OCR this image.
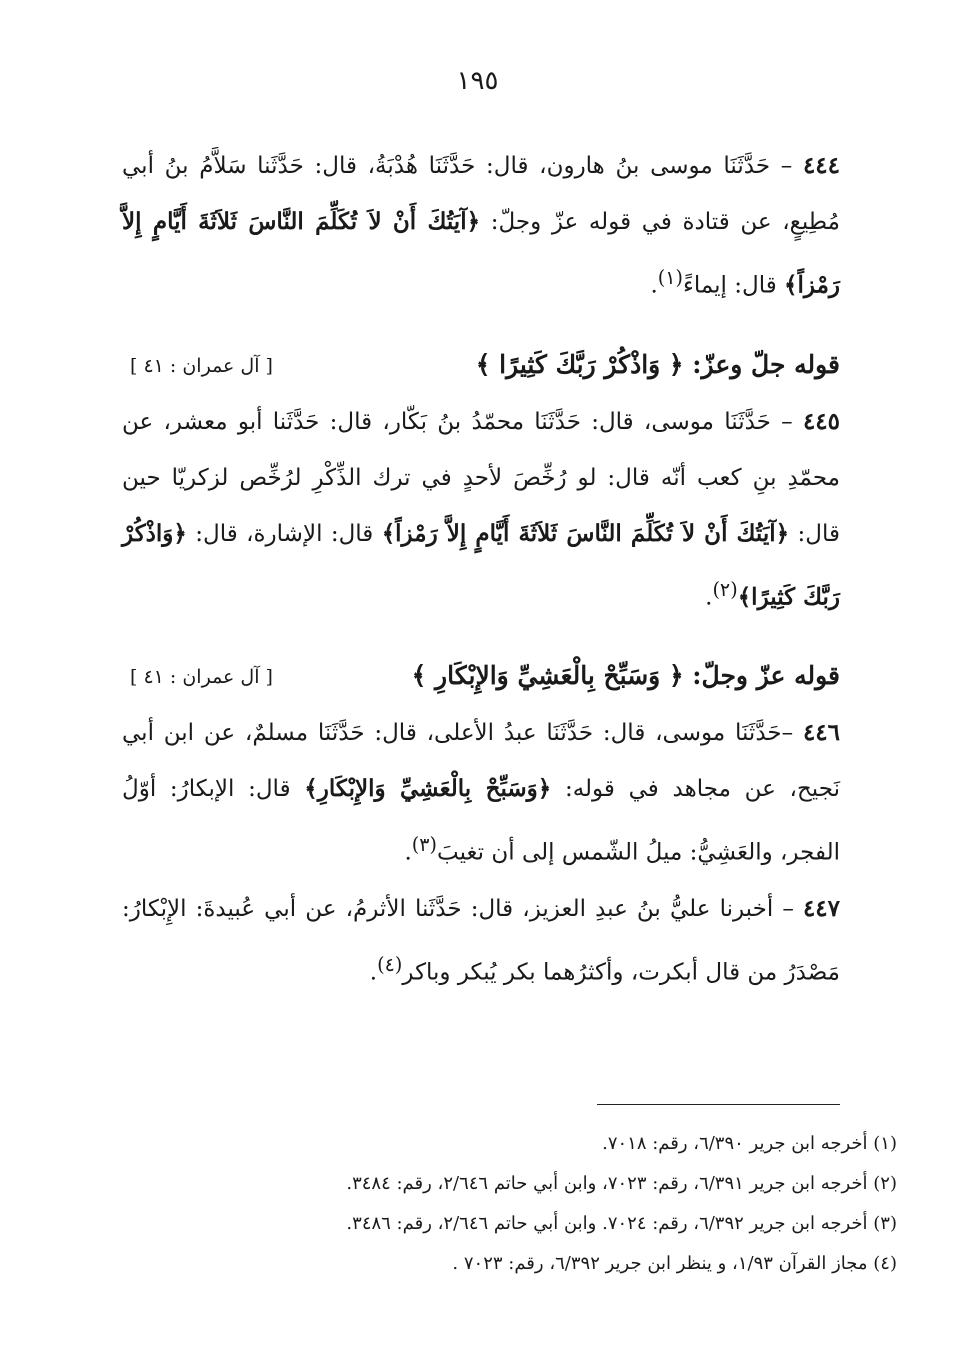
١٩٥

٤٤٤ – حَدَّثَنَا موسى بنُ هارون، قال: حَدَّثَنَا هُدْبَةُ، قال: حَدَّثَنا سَلاَّمُ بنُ أبي مُطِيعٍ، عن قتادة في قوله عزّ وجلّ: ﴿آيَتُكَ أَنْ لاَ تُكَلِّمَ النَّاسَ ثَلاَثَةَ أَيَّامٍ إِلاَّ رَمْزاً﴾ قال: إيماءً$^{(١)}$.

قوله جلّ وعزّ: ﴿ وَاذْكُرْ رَبَّكَ كَثِيرًا ﴾
[ آل عمران : ٤١ ]

٤٤٥ – حَدَّثَنَا موسى، قال: حَدَّثَنَا محمّدُ بنُ بَكّار، قال: حَدَّثَنا أبو معشر، عن محمّدِ بنِ كعب أنّه قال: لو رُخِّصَ لأحدٍ في ترك الذِّكْرِ لرُخِّص لزكريّا حين قال: ﴿آيَتُكَ أَنْ لاَ تُكَلِّمَ النَّاسَ ثَلاَثَةَ أَيَّامٍ إِلاَّ رَمْزاً﴾ قال: الإشارة، قال: ﴿وَاذْكُرْ رَبَّكَ كَثِيرًا﴾$^{(٢)}$.

قوله عزّ وجلّ: ﴿ وَسَبِّحْ بِالْعَشِيِّ وَالإِبْكَارِ ﴾
[ آل عمران : ٤١ ]

٤٤٦ –حَدَّثَنَا موسى، قال: حَدَّثَنَا عبدُ الأعلى، قال: حَدَّثَنَا مسلمٌ، عن ابن أبي نَجيح، عن مجاهد في قوله: ﴿وَسَبِّحْ بِالْعَشِيِّ وَالإِبْكَارِ﴾ قال: الإبكارُ: أوّلُ الفجر، والعَشِيُّ: ميلُ الشّمس إلى أن تغيبَ$^{(٣)}$.

٤٤٧ – أخبرنا عليُّ بنُ عبدِ العزيز، قال: حَدَّثَنا الأثرمُ، عن أبي عُبيدةَ: الإِبْكارُ: مَصْدَرُ من قال أبكرت، وأكثرُهما بكر يُبكر وباكر$^{(٤)}$.

(١) أخرجه ابن جرير ٦/٣٩٠، رقم: ٧٠١٨.

(٢) أخرجه ابن جرير ٦/٣٩١، رقم: ٧٠٢٣، وابن أبي حاتم ٢/٦٤٦، رقم: ٣٤٨٤.

(٣) أخرجه ابن جرير ٦/٣٩٢، رقم: ٧٠٢٤. وابن أبي حاتم ٢/٦٤٦، رقم: ٣٤٨٦.

(٤) مجاز القرآن ١/٩٣، و ينظر ابن جرير ٦/٣٩٢، رقم: ٧٠٢٣ .
